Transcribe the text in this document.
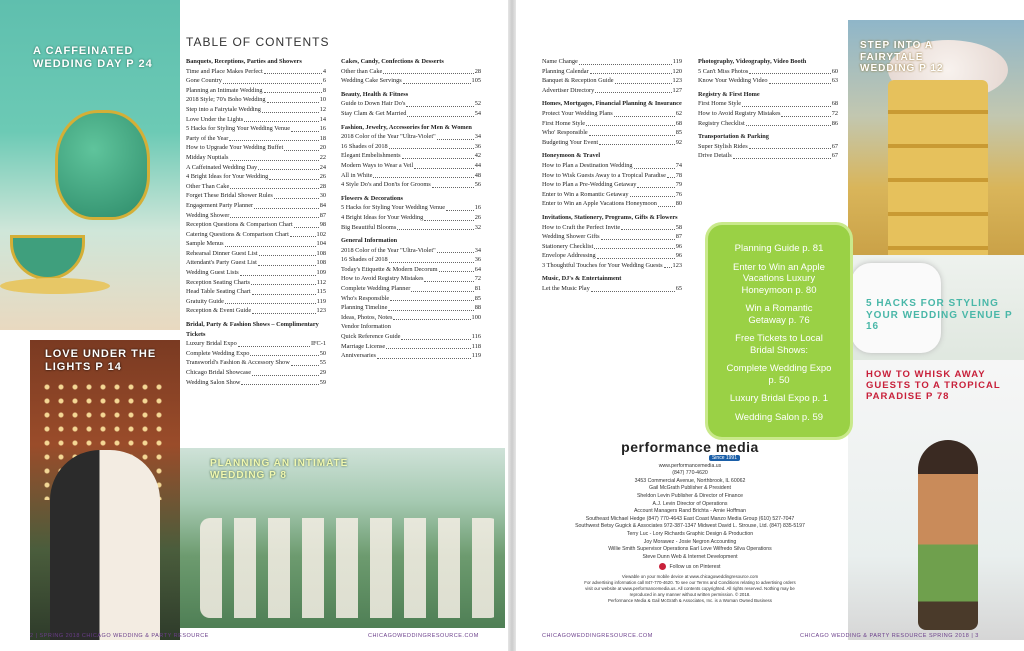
A CAFFEINATED WEDDING DAY P 24
LOVE UNDER THE LIGHTS P 14
PLANNING AN INTIMATE WEDDING P 8
TABLE OF CONTENTS
Banquets, Receptions, Parties and Showers
Time and Place Makes Perfect	4
Gone Country	6
Planning an Intimate Wedding	8
2018 Style; 70's Boho Wedding	10
Step into a Fairytale Wedding	12
Love Under the Lights	14
5 Hacks for Styling Your Wedding Venue	16
Party of the Year	18
How to Upgrade Your Wedding Buffet	20
Midday Nuptials	22
A Caffeinated Wedding Day	24
4 Bright Ideas for Your Wedding	26
Other Than Cake	28
Forget These Bridal Shower Rules	30
Engagement Party Planner	84
Wedding Shower	87
Reception Questions & Comparison Chart	98
Catering Questions & Comparison Chart	102
Sample Menus	104
Rehearsal Dinner Guest List	108
Attendant's Party Guest List	108
Wedding Guest Lists	109
Reception Seating Charts	112
Head Table Seating Chart	115
Gratuity Guide	119
Reception & Event Guide	123
Bridal, Party & Fashion Shows – Complimentary Tickets
Luxury Bridal Expo	IFC-1
Complete Wedding Expo	50
Transworld's Fashion & Accessory Show	55
Chicago Bridal Showcase	29
Wedding Salon Show	59
Cakes, Candy, Confections & Desserts
Other than Cake	28
Wedding Cake Servings	105
Beauty, Health & Fitness
Guide to Down Hair Do's	52
Stay Clam & Get Married	54
Fashion, Jewelry, Accessories for Men & Women
2018 Color of the Year "Ultra-Violet"	34
16 Shades of 2018	36
Elegant Embelishments	42
Modern Ways to Wear a Veil	44
All in White	48
4 Style Do's and Don'ts for Grooms	56
Flowers & Decorations
5 Hacks for Styling Your Wedding Venue	16
4 Bright Ideas for Your Wedding	26
Big Beautiful Blooms	32
General Information
2018 Color of the Year "Ultra-Violet"	34
16 Shades of 2018	36
Today's Etiquette & Modern Decorum	64
How to Avoid Registry Mistakes	72
Complete Wedding Planner	81
Who's Responsible	85
Planning Timeline	88
Ideas, Photos, Notes	100
Vendor Information
Quick Reference Guide	116
Marriage License	118
Anniversaries	119
Name Change	119
Planning Calendar	120
Banquet & Reception Guide	123
Advertiser Directory	127
Homes, Mortgages, Financial Planning & Insurance
Protect Your Wedding Plans	62
First Home Style	68
Who' Responsible	85
Budgeting Your Event	92
Honeymoon & Travel
How to Plan a Destination Wedding	74
How to Wisk Guests Away to a Tropical Paradise 78
How to Plan a Pre-Wedding Getaway	79
Enter to Win a Romantic Getaway	76
Enter to Win an Apple Vacations Honeymoon	80
Invitations, Stationery, Programs, Gifts & Flowers
How to Craft the Perfect Invite	58
Wedding Shower Gifts	87
Stationery Checklist	96
Envelope Addressing	96
3 Thoughtful Touches for Your Wedding Guests 123
Music, DJ's & Entertainment
Let the Music Play	65
Photography, Videography, Video Booth
5 Can't Miss Photos	60
Know Your Wedding Video	63
Registry & First Home
First Home Style	68
How to Avoid Registry Mistakes	72
Registry Checklist	86
Transportation & Parking
Super Stylish Rides	67
Drive Details	67
STEP INTO A FAIRYTALE WEDDING P 12
5 HACKS FOR STYLING YOUR WEDDING VENUE P 16
HOW TO WHISK AWAY GUESTS TO A TROPICAL PARADISE P 78
Planning Guide p. 81
Enter to Win an Apple Vacations Luxury Honeymoon p. 80
Win a Romantic Getaway p. 76
Free Tickets to Local Bridal Shows:
Complete Wedding Expo p. 50
Luxury Bridal Expo p. 1
Wedding Salon p. 59
performance media
Since 1991
www.performancemedia.us
(847) 770-4620
3453 Commercial Avenue, Northbrook, IL 60062
Gail McGrath Publisher & President
Sheldon Levin Publisher & Director of Finance
A.J. Levin Director of Operations
Account Managers Rand Brichta - Arnie Hoffman
Southeast Michael Hedge (847) 770-4643 East Coast Manzo Media Group (610) 527-7047
Southwest Betsy Gugick & Associates 972-387-1347 Midwest David L. Strouse, Ltd. (847) 835-5197
Terry Luc - Lory Richards Graphic Design & Production
Joy Morawez - Josie Negron Accounting
Willie Smith Supervisor Operations Earl Love Wilfredo Silva Operations
Steve Dunn Web & Internet Development
Follow us on Pinterest
Viewable on your mobile device at www.chicagoweddingresource.com
For advertising information call 847-770-4620. To see our Terms and Conditions relating to advertising orders
visit our website at www.performancemedia.us. All contents copyrighted. All rights reserved. Nothing may be
reproduced in any manner without written permission. © 2018.
Performance Media & Gail McGrath & Associates, Inc. is a Woman Owned Business
2 | SPRING 2018 CHICAGO WEDDING & PARTY RESOURCE	CHICAGOWEDDINGRESOURCE.COM	CHICAGOWEDDINGRESOURCE.COM	CHICAGO WEDDING & PARTY RESOURCE SPRING 2018 | 3
